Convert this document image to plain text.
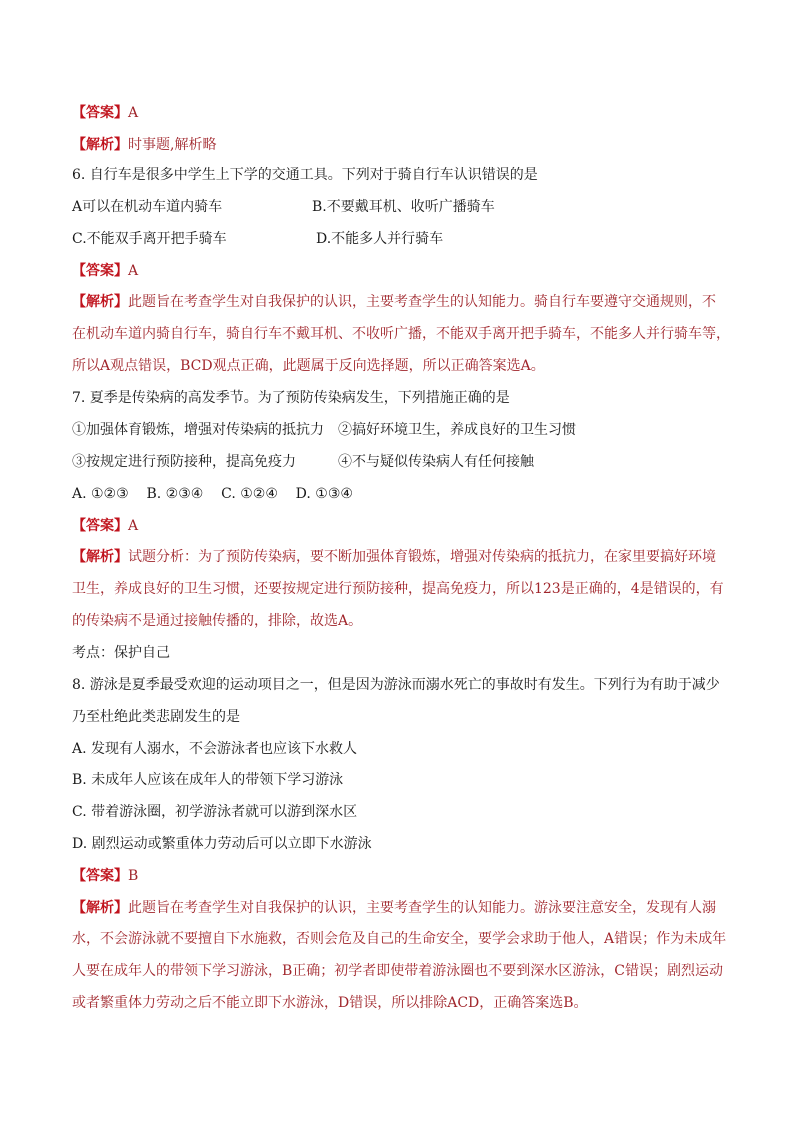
【答案】A
【解析】时事题,解析略
6. 自行车是很多中学生上下学的交通工具。下列对于骑自行车认识错误的是
A可以在机动车道内骑车	B.不要戴耳机、收听广播骑车
C.不能双手离开把手骑车	D.不能多人并行骑车
【答案】A
【解析】此题旨在考查学生对自我保护的认识，主要考查学生的认知能力。骑自行车要遵守交通规则，不
在机动车道内骑自行车，骑自行车不戴耳机、不收听广播，不能双手离开把手骑车，不能多人并行骑车等，
所以A观点错误，BCD观点正确，此题属于反向选择题，所以正确答案选A。
7. 夏季是传染病的高发季节。为了预防传染病发生，下列措施正确的是
①加强体育锻炼，增强对传染病的抵抗力 ②搞好环境卫生，养成良好的卫生习惯
③按规定进行预防接种，提高免疫力	④不与疑似传染病人有任何接触
A. ①②③    B. ②③④    C. ①②④    D. ①③④
【答案】A
【解析】试题分析：为了预防传染病，要不断加强体育锻炼，增强对传染病的抵抗力，在家里要搞好环境
卫生，养成良好的卫生习惯，还要按规定进行预防接种，提高免疫力，所以123是正确的，4是错误的，有
的传染病不是通过接触传播的，排除，故选A。
考点：保护自己
8. 游泳是夏季最受欢迎的运动项目之一，但是因为游泳而溺水死亡的事故时有发生。下列行为有助于减少
乃至杜绝此类悲剧发生的是
A. 发现有人溺水，不会游泳者也应该下水救人
B. 未成年人应该在成年人的带领下学习游泳
C. 带着游泳圈，初学游泳者就可以游到深水区
D. 剧烈运动或繁重体力劳动后可以立即下水游泳
【答案】B
【解析】此题旨在考查学生对自我保护的认识，主要考查学生的认知能力。游泳要注意安全，发现有人溺
水，不会游泳就不要擅自下水施救，否则会危及自己的生命安全，要学会求助于他人，A错误；作为未成年
人要在成年人的带领下学习游泳，B正确；初学者即使带着游泳圈也不要到深水区游泳，C错误；剧烈运动
或者繁重体力劳动之后不能立即下水游泳，D错误，所以排除ACD，正确答案选B。
